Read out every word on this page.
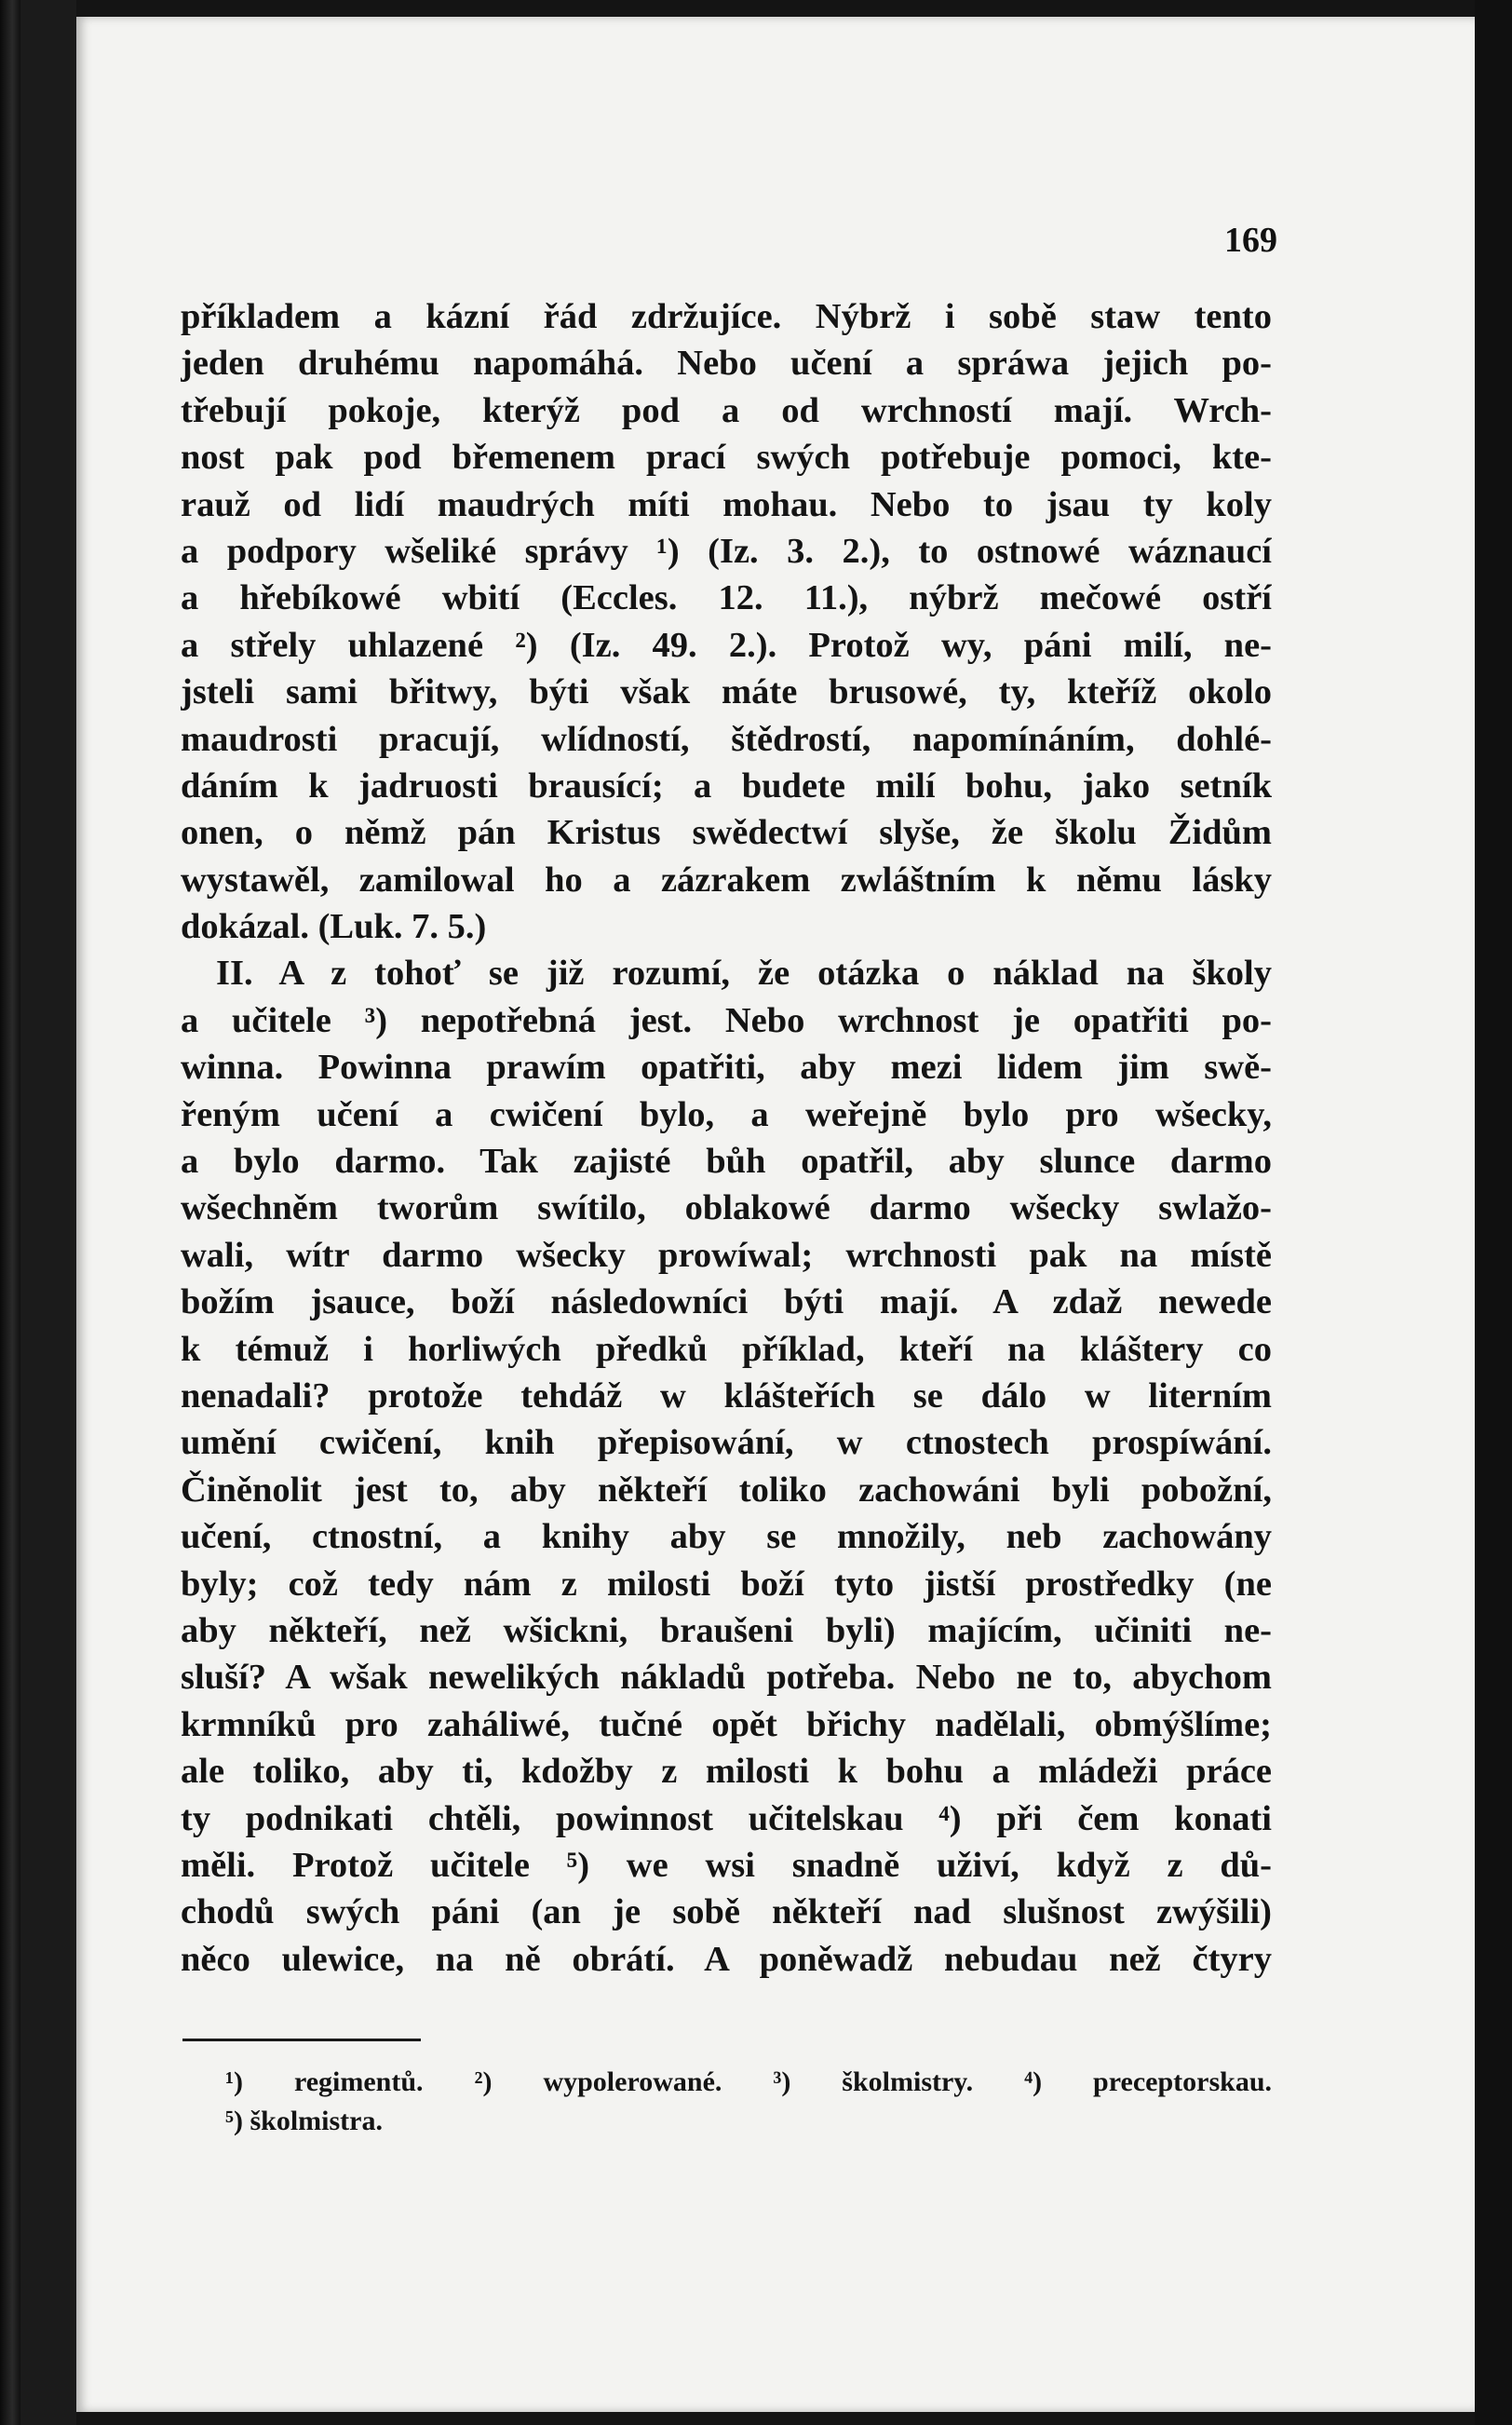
169
příkladem a kázní řád zdržujíce. Nýbrž i sobě staw tento
jeden druhému napomáhá. Nebo učení a spráwa jejich po-
třebují pokoje, kterýž pod a od wrchností mají. Wrch-
nost pak pod břemenem prací swých potřebuje pomoci, kte-
rauž od lidí maudrých míti mohau. Nebo to jsau ty koly
a podpory wšeliké správy ¹) (Iz. 3. 2.), to ostnowé wáznaucí
a hřebíkowé wbití (Eccles. 12. 11.), nýbrž mečowé ostří
a střely uhlazené ²) (Iz. 49. 2.). Protož wy, páni milí, ne-
jsteli sami břitwy, býti však máte brusowé, ty, kteříž okolo
maudrosti pracují, wlídností, štědrostí, napomínáním, dohlé-
dáním k jadruosti brausící; a budete milí bohu, jako setník
onen, o němž pán Kristus swědectwí slyše, že školu Židům
wystawěl, zamilowal ho a zázrakem zwláštním k němu lásky
dokázal. (Luk. 7. 5.)
II. A z tohoť se již rozumí, že otázka o náklad na školy
a učitele ³) nepotřebná jest. Nebo wrchnost je opatřiti po-
winna. Powinna prawím opatřiti, aby mezi lidem jim swě-
řeným učení a cwičení bylo, a weřejně bylo pro wšecky,
a bylo darmo. Tak zajisté bůh opatřil, aby slunce darmo
wšechněm tworům swítilo, oblakowé darmo wšecky swlažo-
wali, wítr darmo wšecky prowíwal; wrchnosti pak na místě
božím jsauce, boží následowníci býti mají. A zdaž newede
k témuž i horliwých předků příklad, kteří na kláštery co
nenadali? protože tehdáž w klášteřích se dálo w literním
umění cwičení, knih přepisowání, w ctnostech prospíwání.
Činěnolit jest to, aby někteří toliko zachowáni byli pobožní,
učení, ctnostní, a knihy aby se množily, neb zachowány
byly; což tedy nám z milosti boží tyto jistší prostředky (ne
aby někteří, než wšickni, braušeni byli) majícím, učiniti ne-
sluší? A wšak newelikých nákladů potřeba. Nebo ne to, abychom
krmníků pro zaháliwé, tučné opět břichy nadělali, obmýšlíme;
ale toliko, aby ti, kdožby z milosti k bohu a mládeži práce
ty podnikati chtěli, powinnost učitelskau ⁴) při čem konati
měli. Protož učitele ⁵) we wsi snadně uživí, když z dů-
chodů swých páni (an je sobě někteří nad slušnost zwýšili)
něco ulewice, na ně obrátí. A poněwadž nebudau než čtyry
¹) regimentů. ²) wypolerowané. ³) školmistry. ⁴) preceptorskau.
⁵) školmistra.
